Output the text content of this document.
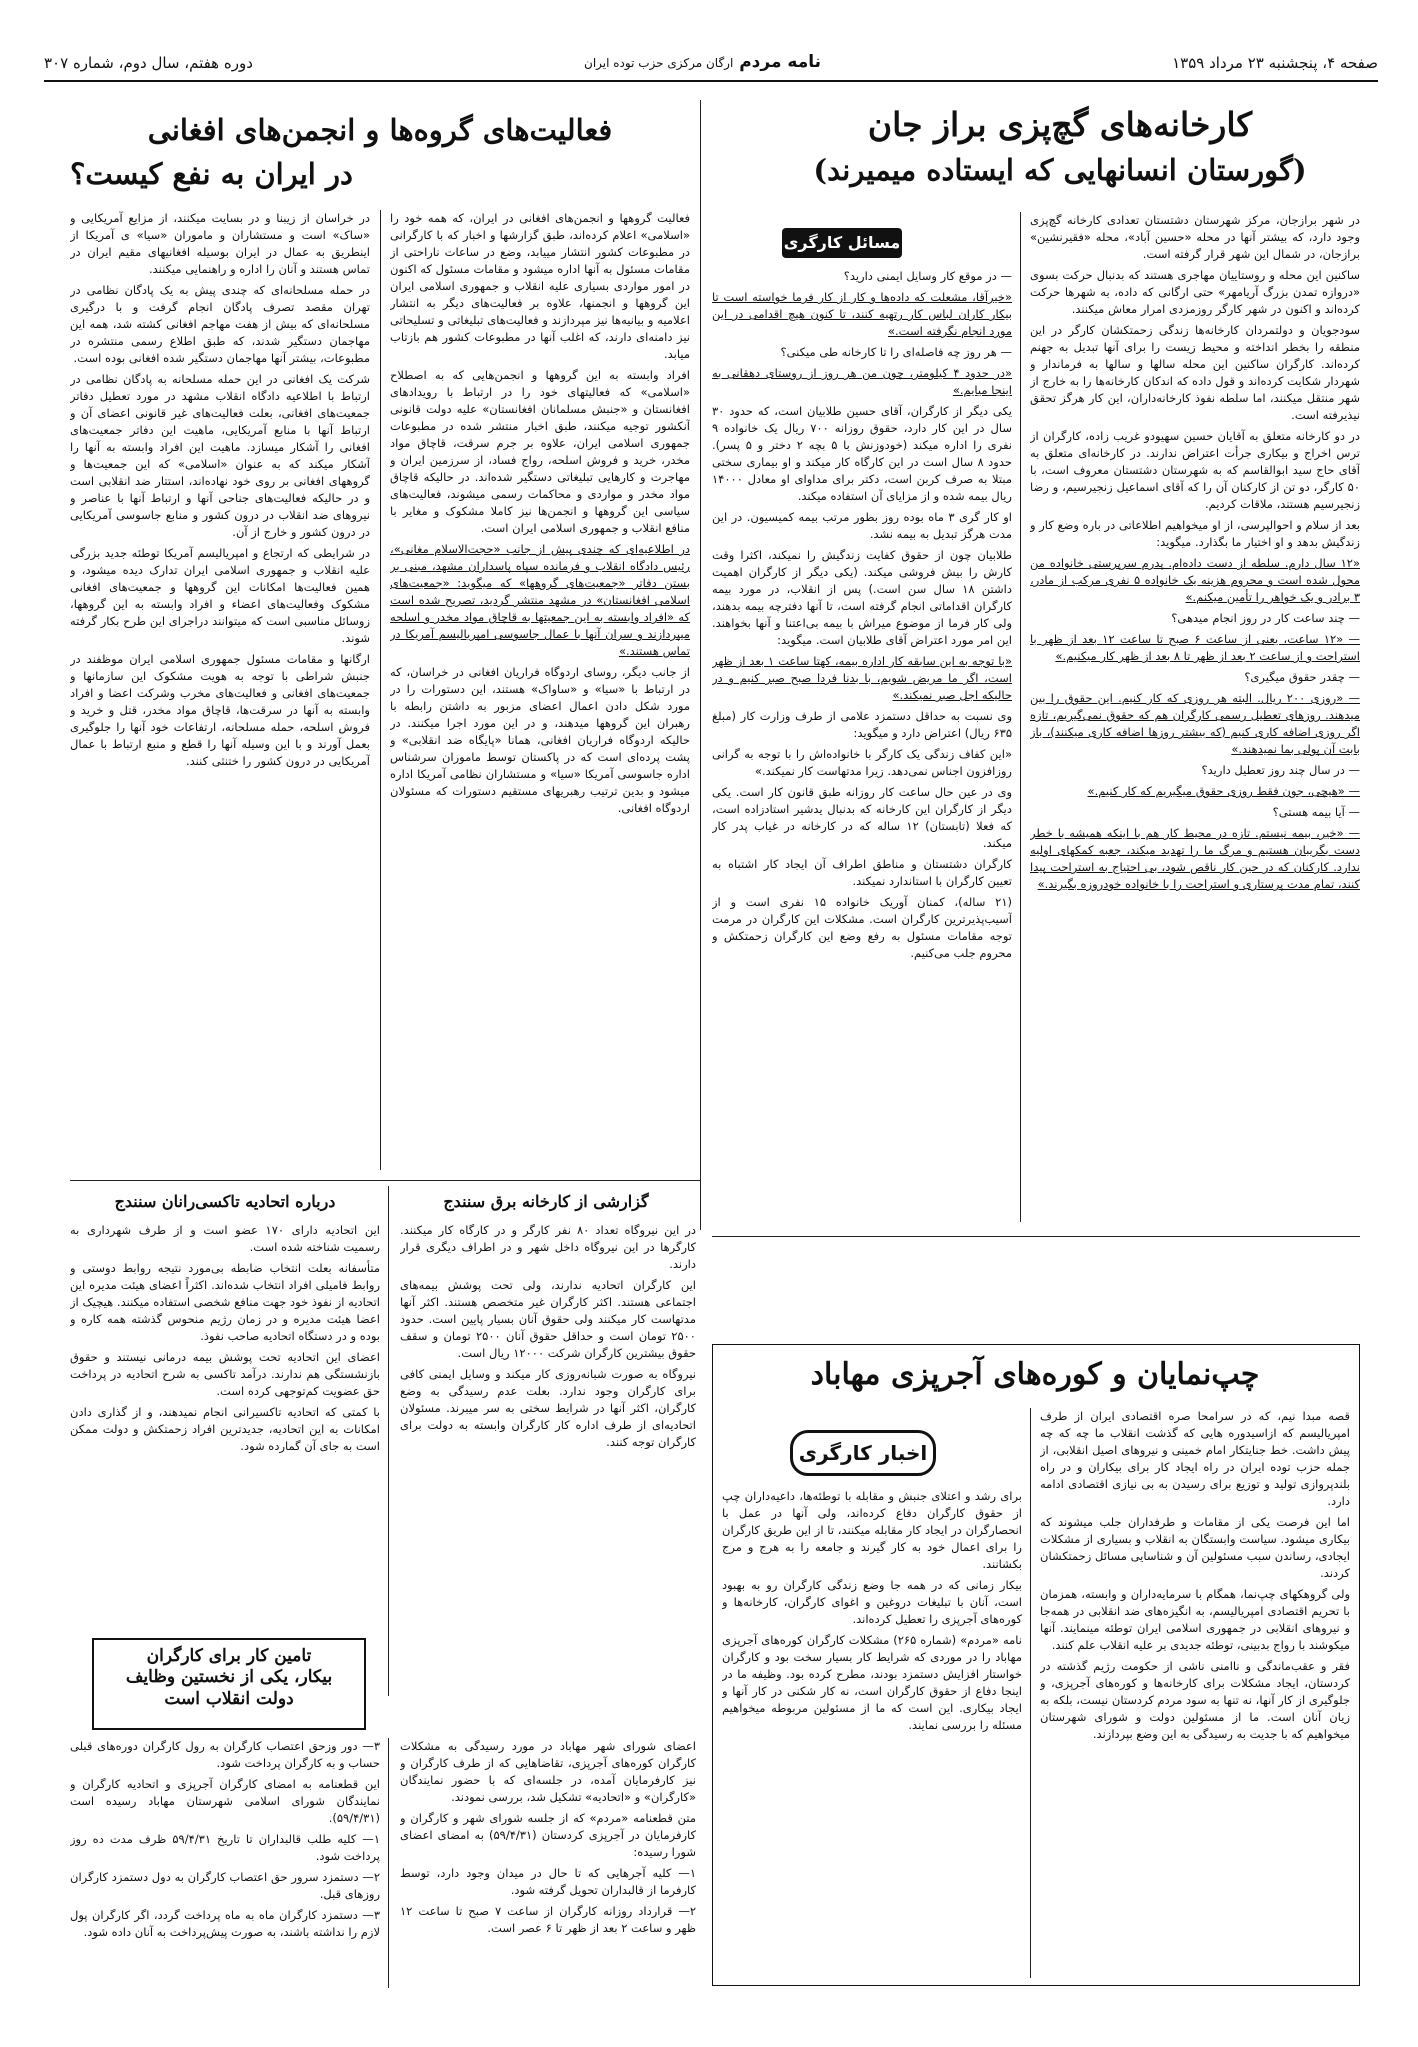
صفحه ۴، پنجشنبه ۲۳ مرداد ۱۳۵۹
نامه مردم ارگان مرکزی حزب توده ایران
دوره هفتم، سال دوم، شماره ۳۰۷
کارخانه‌های گچ‌پزی براز جان
(گورستان انسانهایی که ایستاده میمیرند)
مسائل کارگری

در شهر برازجان، مرکز شهرستان دشتستان تعدادی کارخانه گچ‌پزی وجود دارد، که بیشتر آنها در محله «حسین آباد»، محله «فقیرنشین» برازجان، در شمال این شهر قرار گرفته است.

ساکنین این محله و روستاییان مهاجری هستند که بدنبال حرکت بسوی «دروازه تمدن بزرگ آریامهر» حتی ارگانی که داده، به شهرها حرکت کرده‌اند و اکنون در شهر کارگر روزمزدی امرار معاش میکنند.

سودجویان و دولتمردان کارخانه‌ها زندگی زحمتکشان کارگر در این منطقه را بخطر انداخته و محیط زیست را برای آنها تبدیل به جهنم کرده‌اند. کارگران ساکنین این محله سالها و سالها به فرماندار و شهردار شکایت کرده‌اند و قول داده که اندکان کارخانه‌ها را به خارج از شهر منتقل میکنند، اما سلطه نفوذ کارخانه‌داران، این کار هرگز تحقق نیذیرفته است.

در دو کارخانه متعلق به آقایان حسین سهیودو غریب زاده، کارگران از ترس اخراج و بیکاری جرأت اعتراض ندارند. در کارخانه‌ای متعلق به آقای حاج سید ابوالقاسم که به شهرستان دشتستان معروف است، با ۵۰ کارگر، دو تن از کارکنان آن را که آقای اسماعیل زنجیرسیم، و رضا زنجیرسیم هستند، ملاقات کردیم.

بعد از سلام و احوالپرسی، از او میخواهیم اطلاعاتی در باره وضع کار و زندگیش بدهد و او اختیار ما بگذارد. میگوید:

«۱۲ سال دارم. سلطه از دست داده‌ام. پدرم سرپرستی خانواده من محول شده است و محروم هزینه یک خانواده ۵ نفری مرکب از مادر، ۳ برادر و یک خواهر را تأمین میکنم.»

— چند ساعت کار در روز انجام میدهی؟

— «۱۲ ساعت، یعنی از ساعت ۶ صبح تا ساعت ۱۲ بعد از ظهر با استراحت و از ساعت ۲ بعد از ظهر تا ۸ بعد از ظهر کار میکنیم.»

— چقدر حقوق میگیری؟

— «روزی ۲۰۰ ریال. البته هر روزی که کار کنیم. این حقوق را بین میدهند. روزهای تعطیل رسمی کارگران هم که حقوق نمی‌گیریم، تازه اگر روزی اضافه کاری کنیم (که بیشتر روزها اضافه کاری میکنند)، باز بابت آن پولی بما نمیدهند.»

— در سال چند روز تعطیل دارید؟

— «هیچی، جون فقط روزی حقوق میگیریم که کار کنیم.»

— آیا بیمه هستی؟

— «خیر، بیمه نیستم. تازه در محیط کار هم با اینکه همیشه با خطر دست بگریبان هستیم و مرگ ما را تهدید میکند، جعبه کمکهای اولیه ندارد. کارکنان که در حین کار ناقص شود، بی احتیاج به استراحت پیدا کنند، تمام مدت پرستاری و استراحت را با خانواده خودروزه بگیرند.»

— در موقع کار وسایل ایمنی دارید؟

«خیرآقا، مشعلت که داده‌ها و کار از کار فرما خواسته است تا بیکار کاران لباس کار رتهیه کنند، تا کنون هیچ اقدامی در این مورد انجام نگرفته است.»

— هر روز چه فاصله‌ای را تا کارخانه طی میکنی؟

«در حدود ۴ کیلومتر، چون من هر روز از روستای دهقانی به اینجا میایم.»

یکی دیگر از کارگران، آقای حسین طلابیان است، که حدود ۳۰ سال در این کار دارد، حقوق روزانه ۷۰۰ ریال یک خانواده ۹ نفری را اداره میکند (خودوزنش با ۵ بچه ۲ دختر و ۵ پسر). حدود ۸ سال است در این کارگاه کار میکند و او بیماری سختی مبتلا به صرف کربن است، دکتر برای مداوای او معادل ۱۴۰۰۰ ریال بیمه شده و از مزایای آن استفاده میکند.

او کار گری ۳ ماه بوده روز بطور مرتب بیمه کمیسیون. در این مدت هرگز تبدیل به بیمه نشد.

طلابیان چون از حقوق کفایت زندگیش را نمیکند، اکثرا وقت کارش را بیش فروشی میکند. (یکی دیگر از کارگران اهمیت داشتن ۱۸ سال سن است.) پس از انقلاب، در مورد بیمه کارگران اقداماتی انجام گرفته است، تا آنها دفترچه بیمه بدهند، ولی کار فرما از موضوع میراش با بیمه بی‌اعتنا و آنها بخواهند. این امر مورد اعتراض آقای طلابیان است. میگوید:

«با توجه به این سابقه کار اداره بیمه، کهتا ساعت ۱ بعد از ظهر است، اگر ما مریض شویم، با بدنا فردا صبح صبر کنیم و در حالیکه اجل صبر نمیکند.»

وی نسبت به حداقل دستمزد علامی از طرف وزارت کار (مبلغ ۶۳۵ ریال) اعتراض دارد و میگوید:

«این کفاف زندگی یک کارگر با خانواده‌اش را با توجه به گرانی روزافزون اجناس نمی‌دهد. زیرا مدتهاست کار نمیکند.»

وی در عین حال ساعت کار روزانه طبق قانون کار است. یکی دیگر از کارگران این کارخانه که بدنبال یدشیر استادزاده است، که فعلا (تابستان) ۱۲ ساله که در کارخانه در غیاب پدر کار میکند.

کارگران دشتستان و مناطق اطراف آن ایجاد کار اشتباه به تعیین کارگران با استاندارد نمیکند.

(۲۱ ساله)، کمنان آوریک خانواده ۱۵ نفری است و از آسیب‌پذیرترین کارگران است. مشکلات این کارگران در مرمت توجه مقامات مسئول به رفع وضع این کارگران زحمتکش و محروم جلب می‌کنیم.

فعالیت‌های گروه‌ها و انجمن‌های افغانی
در ایران به نفع کیست؟

فعالیت گروهها و انجمن‌های افغانی در ایران، که همه خود را «اسلامی» اعلام کرده‌اند، طبق گزارشها و اخبار که با کارگرانی در مطبوعات کشور انتشار مییابد، وضع در ساعات ناراحتی از مقامات مسئول به آنها اداره میشود و مقامات مسئول که اکنون در امور مواردی بسیاری علیه انقلاب و جمهوری اسلامی ایران این گروهها و انجمنها، علاوه بر فعالیت‌های دیگر به انتشار اعلامیه و بیانیه‌ها نیز مپردازند و فعالیت‌های تبلیغاتی و تسلیحاتی نیز دامنه‌ای دارند، که اغلب آنها در مطبوعات کشور هم بازتاب میابد.

افراد وابسته به این گروهها و انجمن‌هایی که به اصطلاح «اسلامی» که فعالیتهای خود را در ارتباط با رویدادهای افغانستان و «جنبش مسلمانان افغانستان» علیه دولت قانونی آنکشور توجیه میکنند، طبق اخبار منتشر شده در مطبوعات جمهوری اسلامی ایران، علاوه بر جرم سرقت، قاچاق مواد مخدر، خرید و فروش اسلحه، رواج فساد، از سرزمین ایران و مهاجرت و کارهایی تبلیغاتی دستگیر شده‌اند. در حالیکه قاچاق مواد مخدر و مواردی و محاکمات رسمی میشوند، فعالیت‌های سیاسی این گروهها و انجمن‌ها نیز کاملا مشکوک و مغایر با منافع انقلاب و جمهوری اسلامی ایران است.

در اطلاعیه‌ای که چندی پیش از جانب «حجت‌الاسلام مغانی»، رئیس دادگاه انقلاب و فرمانده سپاه پاسداران مشهد، مبنی بر بستن دفاتر «جمعیت‌های گروهها» که میگوید: «جمعیت‌های اسلامی افغانستان» در مشهد منتشر گردید، تصریح شده است که «افراد وابسته به این جمعیتها به قاچاق مواد مخدر و اسلحه میپردازند و سران آنها با عمال جاسوسی امپریالیسم آمریکا در تماس هستند.»

از جانب دیگر، روسای اردوگاه فراریان افغانی در خراسان، که در ارتباط با «سیا» و «ساواک» هستند، این دستورات را در مورد شکل دادن اعمال اعضای مزبور به داشتن رابطه با رهبران این گروهها میدهند، و در این مورد اجرا میکنند. در حالیکه اردوگاه فراریان افغانی، همانا «پایگاه ضد انقلابی» و پشت پرده‌ای است که در پاکستان توسط ماموران سرشناس اداره جاسوسی آمریکا «سیا» و مستشاران نظامی آمریکا اداره میشود و بدین ترتیب رهبریهای مستقیم دستورات که مسئولان اردوگاه افغانی.

در خراسان از زیبنا و در بسایت میکنند، از مزایع آمریکایی و «ساک» است و مستشاران و ماموران «سیا» ی آمریکا از اینطریق به عمال در ایران بوسیله افغانیهای مقیم ایران در تماس هستند و آنان را اداره و راهنمایی میکنند.

در حمله مسلحانه‌ای که چندی پیش به یک پادگان نظامی در تهران مقصد تصرف پادگان انجام گرفت و با درگیری مسلحانه‌ای که بیش از هفت مهاجم افغانی کشته شد، همه این مهاجمان دستگیر شدند، که طبق اطلاع رسمی منتشره در مطبوعات، بیشتر آنها مهاجمان دستگیر شده افغانی بوده است.

شرکت یک افغانی در این حمله مسلحانه به پادگان نظامی در ارتباط با اطلاعیه دادگاه انقلاب مشهد در مورد تعطیل دفاتر جمعیت‌های افغانی، بعلت فعالیت‌های غیر قانونی اعضای آن و ارتباط آنها با منابع آمریکایی، ماهیت این دفاتر جمعیت‌های افغانی را آشکار میسازد. ماهیت این افراد وابسته به آنها را آشکار میکند که به عنوان «اسلامی» که این جمعیت‌ها و گروههای افغانی بر روی خود نهاده‌اند، استتار ضد انقلابی است و در حالیکه فعالیت‌های جناحی آنها و ارتباط آنها با عناصر و نیروهای ضد انقلاب در درون کشور و منابع جاسوسی آمریکایی در درون کشور و خارج از آن.

در شرایطی که ارتجاع و امپریالیسم آمریکا توطئه جدید بزرگی علیه انقلاب و جمهوری اسلامی ایران تدارک دیده میشود، و همین فعالیت‌ها امکانات این گروهها و جمعیت‌های افغانی مشکوک وفعالیت‌های اعضاء و افراد وابسته به این گروهها، زوسائل مناسبی است که میتوانند دراجرای این طرح بکار گرفته شوند.

ارگانها و مقامات مسئول جمهوری اسلامی ایران موظفند در جنبش شراطی با توجه به هویت مشکوک این سازمانها و جمعیت‌های افغانی و فعالیت‌های مخرب وشرکت اعضا و افراد وابسته به آنها در سرقت‌ها، قاچاق مواد مخدر، قتل و خرید و فروش اسلحه، حمله مسلحانه، ارتفاعات خود آنها را جلوگیری بعمل آورند و با این وسیله آنها را قطع و منبع ارتباط با عمال آمریکایی در درون کشور را ختنثی کنند.

درباره اتحادیه تاکسی‌رانان سنندج

این اتحادیه دارای ۱۷۰ عضو است و از طرف شهرداری به رسمیت شناخته شده است.

متأسفانه بعلت انتخاب ضابطه بی‌مورد نتیجه روابط دوستی و روابط فامیلی افراد انتخاب شده‌اند. اکثراً اعضای هیئت مدیره این اتحادیه از نفوذ خود جهت منافع شخصی استفاده میکنند. هیچیک از اعضا هیئت مدیره و در زمان رژیم منحوس گذشته همه کاره و بوده و در دستگاه اتحادیه صاحب نفوذ.

اعضای این اتحادیه تحت پوشش بیمه درمانی نیستند و حقوق بازنشستگی هم ندارند. درآمد تاکسی به شرح اتحادیه در پرداخت حق عضویت کم‌توجهی کرده است.

با کمتی که اتحادیه تاکسیرانی انجام نمیدهند، و از گذاری دادن امکانات به این اتحادیه، جدیدترین افراد زحمتکش و دولت ممکن است به جای آن گمارده شود.

گزارشی از کارخانه برق سنندج

در این نیروگاه تعداد ۸۰ نفر کارگر و در کارگاه کار میکنند. کارگرها در این نیروگاه داخل شهر و در اطراف دیگری قرار دارند.

این کارگران اتحادیه ندارند، ولی تحت پوشش بیمه‌های اجتماعی هستند. اکثر کارگران غیر متخصص هستند. اکثر آنها مدتهاست کار میکنند ولی حقوق آنان بسیار پایین است. حدود ۲۵۰۰ تومان است و حداقل حقوق آنان ۲۵۰۰ تومان و سقف حقوق بیشترین کارگران شرکت ۱۲۰۰۰ ریال است.

نیروگاه به صورت شبانه‌روزی کار میکند و وسایل ایمنی کافی برای کارگران وجود ندارد. بعلت عدم رسیدگی به وضع کارگران، اکثر آنها در شرایط سختی به سر میبرند. مسئولان اتحادیه‌ای از طرف اداره کار کارگران وابسته به دولت برای کارگران توجه کنند.

تامین کار برای کارگران
بیکار، یکی از نخستین وظایف
دولت انقلاب است
چپ‌نمایان و کوره‌های آجرپزی مهاباد
اخبار کارگری

قصه مبدا نیم، که در سرامحا صره اقتصادی ایران از طرف امپریالیسم که ازاسیدوره هایی که گذشت انقلاب ما چه که چه پیش داشت. خط جنایتکار امام خمینی و نیروهای اصیل انقلابی، از جمله حزب توده ایران در راه ایجاد کار برای بیکاران و در راه بلندپروازی تولید و توزیع برای رسیدن به بی نیازی اقتصادی ادامه دارد.

اما این فرصت یکی از مقامات و طرفداران جلب میشوند که بیکاری میشود. سیاست وابستگان به انقلاب و بسیاری از مشکلات ایجادی، رساندن سبب مسئولین آن و شناسایی مسائل زحمتکشان کردند.

ولی گروهکهای چپ‌نما، همگام با سرمایه‌داران و وابسته، همزمان با تحریم اقتصادی امپریالیسم، به انگیزه‌های ضد انقلابی در همه‌جا و نیروهای انقلابی در جمهوری اسلامی ایران توطئه مینمایند. آنها میکوشند با رواج بدبینی، توطئه جدیدی بر علیه انقلاب علم کنند.

فقر و عقب‌ماندگی و ناامنی ناشی از حکومت رژیم گذشته در کردستان، ایجاد مشکلات برای کارخانه‌ها و کوره‌های آجرپزی، و جلوگیری از کار آنها، نه تنها به سود مردم کردستان نیست، بلکه به زیان آنان است. ما از مسئولین دولت و شورای شهرستان میخواهیم که با جدیت به رسیدگی به این وضع بپردازند.

برای رشد و اعتلای جنبش و مقابله با توطئه‌ها، داعیه‌داران چپ از حقوق کارگران دفاع کرده‌اند، ولی آنها در عمل با انحصارگران در ایجاد کار مقابله میکنند، تا از این طریق کارگران را برای اعمال خود به کار گیرند و جامعه را به هرج و مرج بکشانند.

بیکار زمانی که در همه جا وضع زندگی کارگران رو به بهبود است، آنان با تبلیغات دروغین و اغوای کارگران، کارخانه‌ها و کوره‌های آجرپزی را تعطیل کرده‌اند.

نامه «مردم» (شماره ۲۶۵) مشکلات کارگران کوره‌های آجرپزی مهاباد را در موردی که شرایط کار بسیار سخت بود و کارگران خواستار افزایش دستمزد بودند، مطرح کرده بود. وظیفه ما در اینجا دفاع از حقوق کارگران است، نه کار شکنی در کار آنها و ایجاد بیکاری. این است که ما از مسئولین مربوطه میخواهیم مسئله را بررسی نمایند.

اعضای شورای شهر مهاباد در مورد رسیدگی به مشکلات کارگران کوره‌های آجرپزی، تقاضا‌هایی که از طرف کارگران و نیز کارفرمایان آمده، در جلسه‌ای که با حضور نمایندگان «کارگران» و «اتحادیه» تشکیل شد، بررسی نمودند.

متن قطعنامه «مردم» که از جلسه شورای شهر و کارگران و کارفرمایان در آجرپزی کردستان (۵۹/۴/۳۱) به امضای اعضای شورا رسیده:

۱— کلیه آجرهایی که تا حال در میدان وجود دارد، توسط کارفرما از قالبداران تحویل گرفته شود.

۲— قرارداد روزانه کارگران از ساعت ۷ صبح تا ساعت ۱۲ ظهر و ساعت ۲ بعد از ظهر تا ۶ عصر است.

۳— دور وزحق اعتصاب کارگران به رول کارگران دوره‌های قبلی حساب و به کارگران پرداخت شود.

این قطعنامه به امضای کارگران آجرپزی و اتحادیه کارگران و نمایندگان شورای اسلامی شهرستان مهاباد رسیده است (۵۹/۴/۳۱).

۱— کلیه طلب قالبداران تا تاریخ ۵۹/۴/۳۱ ظرف مدت ده روز پرداخت شود.

۲— دستمزد سرور حق اعتصاب کارگران به دول دستمزد کارگران روزهای قبل.

۳— دستمزد کارگران ماه به ماه پرداخت گردد، اگر کارگران پول لازم را نداشته باشند، به صورت پیش‌پرداخت به آنان داده شود.
